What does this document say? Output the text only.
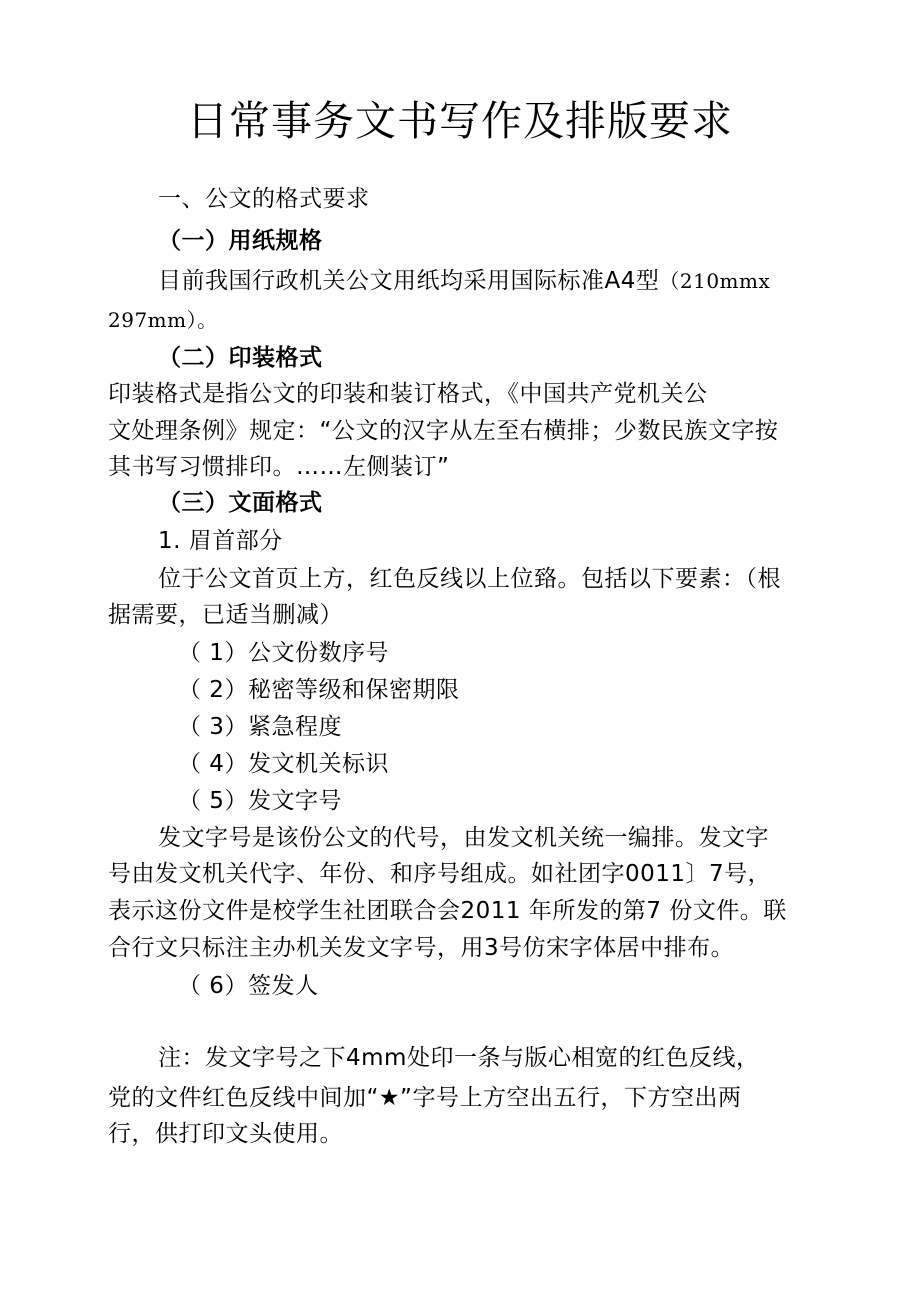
日常事务文书写作及排版要求
一、公文的格式要求
（一）用纸规格
目前我国行政机关公文用纸均采用国际标准A4型（210mmx
297mm）。
（二）印装格式
印装格式是指公文的印装和装订格式，《中国共产党机关公
文处理条例》规定：“公文的汉字从左至右横排；少数民族文字按
其书写习惯排印。……左侧装订”
（三）文面格式
1. 眉首部分
位于公文首页上方，红色反线以上位臵。包括以下要素：（根
据需要，已适当删减）
（ 1）公文份数序号
（ 2）秘密等级和保密期限
（ 3）紧急程度
（ 4）发文机关标识
（ 5）发文字号
发文字号是该份公文的代号，由发文机关统一编排。发文字
号由发文机关代字、年份、和序号组成。如社团字0011〕7号，
表示这份文件是校学生社团联合会2011 年所发的第7 份文件。联
合行文只标注主办机关发文字号，用3号仿宋字体居中排布。
（ 6）签发人
注：发文字号之下4mm处印一条与版心相宽的红色反线，
党的文件红色反线中间加“★”字号上方空出五行，下方空出两
行，供打印文头使用。
